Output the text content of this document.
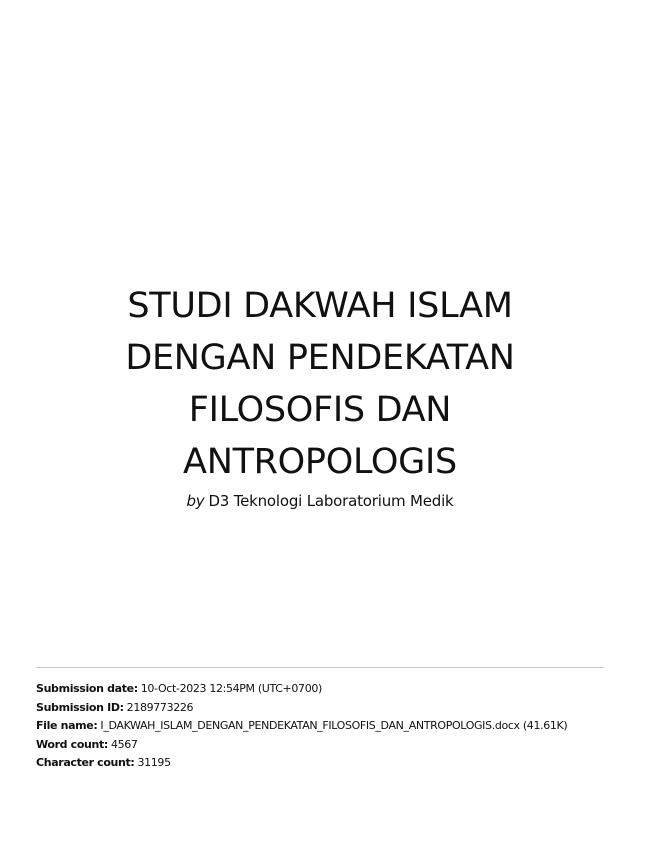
STUDI DAKWAH ISLAM
DENGAN PENDEKATAN
FILOSOFIS DAN
ANTROPOLOGIS
by D3 Teknologi Laboratorium Medik
Submission date: 10-Oct-2023 12:54PM (UTC+0700)
Submission ID: 2189773226
File name: I_DAKWAH_ISLAM_DENGAN_PENDEKATAN_FILOSOFIS_DAN_ANTROPOLOGIS.docx (41.61K)
Word count: 4567
Character count: 31195
